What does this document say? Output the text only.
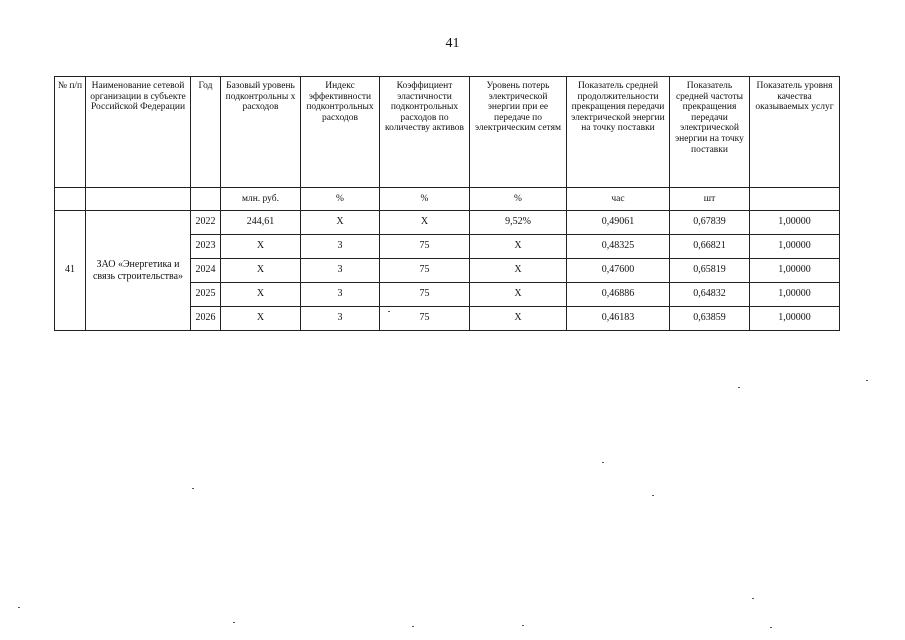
41
№ п/п	Наименование сетевой организации в субъекте Российской Федерации	Год	Базовый уровень подконтрольны х расходов	Индекс эффективности подконтрольных расходов	Коэффициент эластичности подконтрольных расходов по количеству активов	Уровень потерь электрической энергии при ее передаче по электрическим сетям	Показатель средней продолжительности прекращения передачи электрической энергии на точку поставки	Показатель средней частоты прекращения передачи электрической энергии на точку поставки	Показатель уровня качества оказываемых услуг
			млн. руб.	%	%	%	час	шт	
41	ЗАО «Энергетика и связь строительства»	2022	244,61	X	X	9,52%	0,49061	0,67839	1,00000
		2023	X	3	75	X	0,48325	0,66821	1,00000
		2024	X	3	75	X	0,47600	0,65819	1,00000
		2025	X	3	75	X	0,46886	0,64832	1,00000
		2026	X	3	75	X	0,46183	0,63859	1,00000
